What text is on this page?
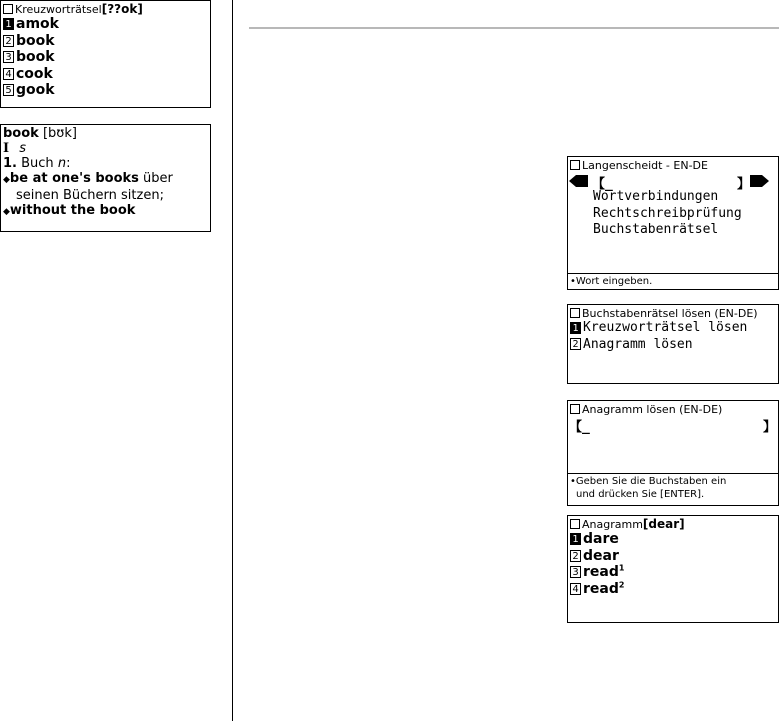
Kreuzworträtsel [??ok]
1 amok
2 book
3 book
4 cook
5 gook
book [bʊk]
I s
1. Buch n:
◆be at one's books über
seinen Büchern sitzen;
◆without the book
Langenscheidt - EN-DE
【_	】
Wortverbindungen
Rechtschreibprüfung
Buchstabenrätsel
•Wort eingeben.
Buchstabenrätsel lösen (EN-DE)
1 Kreuzworträtsel lösen
2 Anagramm lösen
Anagramm lösen (EN-DE)
【_	】
•Geben Sie die Buchstaben ein
und drücken Sie [ENTER].
Anagramm [dear]
1 dare
2 dear
3 read$^1$
4 read$^2$
